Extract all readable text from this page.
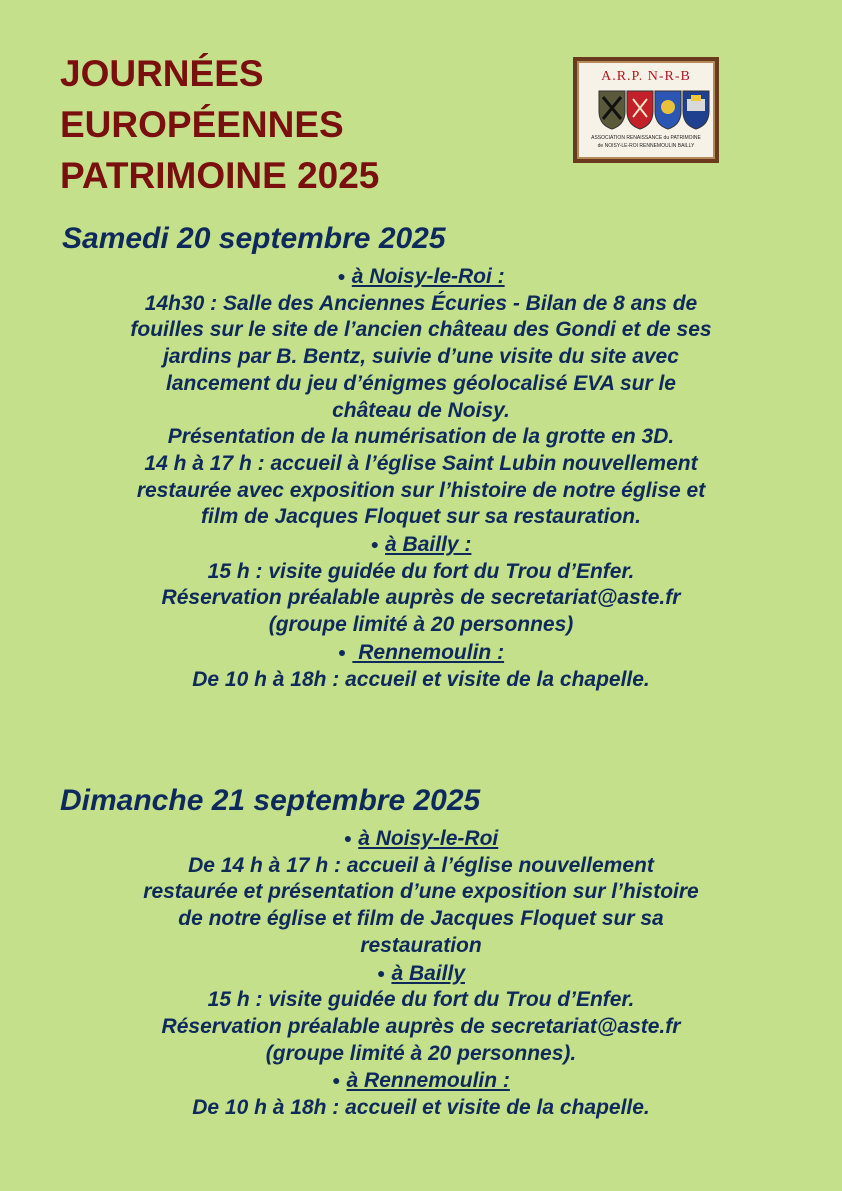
JOURNÉES
EUROPÉENNES
PATRIMOINE 2025
A.R.P. N-R-B
ASSOCIATION RENAISSANCE du PATRIMOINE
de NOISY-LE-ROI RENNEMOULIN BAILLY
Samedi 20 septembre 2025
● à Noisy-le-Roi :
14h30 : Salle des Anciennes Écuries - Bilan de 8 ans de
fouilles sur le site de l’ancien château des Gondi et de ses
jardins par B. Bentz, suivie d’une visite du site avec
lancement du jeu d’énigmes géolocalisé EVA sur le
château de Noisy.
Présentation de la numérisation de la grotte en 3D.
14 h à 17 h : accueil à l’église Saint Lubin nouvellement
restaurée avec exposition sur l’histoire de notre église et
film de Jacques Floquet sur sa restauration.
● à Bailly :
15 h : visite guidée du fort du Trou d’Enfer.
Réservation préalable auprès de secretariat@aste.fr
(groupe limité à 20 personnes)
● Rennemoulin :
De 10 h à 18h : accueil et visite de la chapelle.
Dimanche 21 septembre 2025
● à Noisy-le-Roi
De 14 h à 17 h : accueil à l’église nouvellement
restaurée et présentation d’une exposition sur l’histoire
de notre église et film de Jacques Floquet sur sa
restauration
● à Bailly
15 h : visite guidée du fort du Trou d’Enfer.
Réservation préalable auprès de secretariat@aste.fr
(groupe limité à 20 personnes).
● à Rennemoulin :
De 10 h à 18h : accueil et visite de la chapelle.
